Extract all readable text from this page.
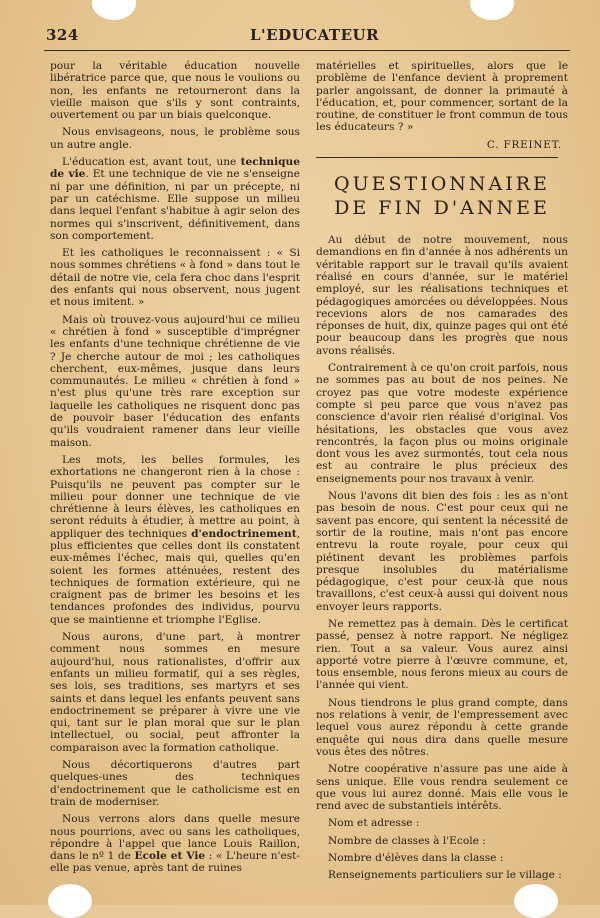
324	L'EDUCATEUR

pour la véritable éducation nouvelle libératrice parce que, que nous le voulions ou non, les enfants ne retourneront dans la vieille maison que s'ils y sont contraints, ouvertement ou par un biais quelconque.

Nous envisageons, nous, le problème sous un autre angle.

L'éducation est, avant tout, une technique de vie. Et une technique de vie ne s'enseigne ni par une définition, ni par un précepte, ni par un catéchisme. Elle suppose un milieu dans lequel l'enfant s'habitue à agir selon des normes qui s'inscrivent, définitivement, dans son comportement.

Et les catholiques le reconnaissent : « Si nous sommes chrétiens « à fond » dans tout le détail de notre vie, cela fera choc dans l'esprit des enfants qui nous observent, nous jugent et nous imitent. »

Mais où trouvez-vous aujourd'hui ce milieu « chrétien à fond » susceptible d'imprégner les enfants d'une technique chrétienne de vie ? Je cherche autour de moi ; les catholiques cherchent, eux-mêmes, jusque dans leurs communautés. Le milieu « chrétien à fond » n'est plus qu'une très rare exception sur laquelle les catholiques ne risquent donc pas de pouvoir baser l'éducation des enfants qu'ils voudraient ramener dans leur vieille maison.

Les mots, les belles formules, les exhortations ne changeront rien à la chose : Puisqu'ils ne peuvent pas compter sur le milieu pour donner une technique de vie chrétienne à leurs élèves, les catholiques en seront réduits à étudier, à mettre au point, à appliquer des techniques d'endoctrinement, plus efficientes que celles dont ils constatent eux-mêmes l'échec, mais qui, quelles qu'en soient les formes atténuées, restent des techniques de formation extérieure, qui ne craignent pas de brimer les besoins et les tendances profondes des individus, pourvu que se maintienne et triomphe l'Eglise.

Nous aurons, d'une part, à montrer comment nous sommes en mesure aujourd'hui, nous rationalistes, d'offrir aux enfants un milieu formatif, qui a ses règles, ses lois, ses traditions, ses martyrs et ses saints et dans lequel les enfants peuvent sans endoctrinement se préparer à vivre une vie qui, tant sur le plan moral que sur le plan intellectuel, ou social, peut affronter la comparaison avec la formation catholique.

Nous décortiquerons d'autres part quelques-unes des techniques d'endoctrinement que le catholicisme est en train de moderniser.

Nous verrons alors dans quelle mesure nous pourrions, avec ou sans les catholiques, répondre à l'appel que lance Louis Raillon, dans le nº 1 de Ecole et Vie : « L'heure n'est-elle pas venue, après tant de ruines

matérielles et spirituelles, alors que le problème de l'enfance devient à proprement parler angoissant, de donner la primauté à l'éducation, et, pour commencer, sortant de la routine, de constituer le front commun de tous les éducateurs ? »

C. FREINET.
QUESTIONNAIRE
DE FIN D'ANNEE

Au début de notre mouvement, nous demandions en fin d'année à nos adhérents un véritable rapport sur le travail qu'ils avaient réalisé en cours d'année, sur le matériel employé, sur les réalisations techniques et pédagogiques amorcées ou développées. Nous recevions alors de nos camarades des réponses de huit, dix, quinze pages qui ont été pour beaucoup dans les progrès que nous avons réalisés.

Contrairement à ce qu'on croit parfois, nous ne sommes pas au bout de nos peines. Ne croyez pas que votre modeste expérience compte si peu parce que vous n'avez pas conscience d'avoir rien réalisé d'original. Vos hésitations, les obstacles que vous avez rencontrés, la façon plus ou moins originale dont vous les avez surmontés, tout cela nous est au contraire le plus précieux des enseignements pour nos travaux à venir.

Nous l'avons dit bien des fois : les as n'ont pas besoin de nous. C'est pour ceux qui ne savent pas encore, qui sentent la nécessité de sortir de la routine, mais n'ont pas encore entrevu la route royale, pour ceux qui piétinent devant les problèmes parfois presque insolubles du matérialisme pédagogique, c'est pour ceux-là que nous travaillons, c'est ceux-à aussi qui doivent nous envoyer leurs rapports.

Ne remettez pas à demain. Dès le certificat passé, pensez à notre rapport. Ne négligez rien. Tout a sa valeur. Vous aurez ainsi apporté votre pierre à l'œuvre commune, et, tous ensemble, nous ferons mieux au cours de l'année qui vient.

Nous tiendrons le plus grand compte, dans nos relations à venir, de l'empressement avec lequel vous aurez répondu à cette grande enquête qui nous dira dans quelle mesure vous êtes des nôtres.

Notre coopérative n'assure pas une aide à sens unique. Elle vous rendra seulement ce que vous lui aurez donné. Mais elle vous le rend avec de substantiels intérêts.

Nom et adresse :

Nombre de classes à l'Ecole :

Nombre d'élèves dans la classe :

Renseignements particuliers sur le village :
